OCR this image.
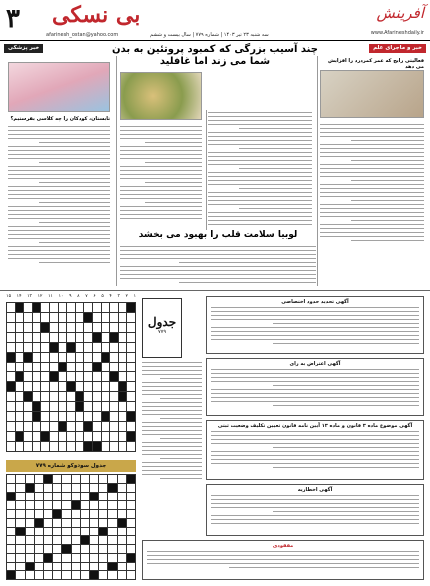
۳ بی نسکی	آفرینش
afarinesh_ostan@yahoo.com	www.Afarineshdaily.ir
سه شنبه ۲۳ تیر ۱۴۰۳ | شماره ۷۷۹ | سال بیست و ششم
خبر پزشکی	خبر و ماجرای علم
چند آسیب بزرگی که کمبود پروتئین به بدن شما می زند اما غافلید	فعالیتی رایج که عمر کمردرد را افزایش می دهد
تابستان، کودکان را چه کلاسی بفرستیم؟
لوبیا سلامت قلب را بهبود می بخشد
۱
۲
۳
۴
۵
۶
۷
۸
۹
۱۰
۱۱
۱۲
۱۳
۱۴
۱۵

جدول
۷۷۹
جدول سودوکو شماره ۷۷۹

آگهی تحدید حدود اختصاصی
آگهی اعتراض به رای
آگهی موضوع ماده ۳ قانون و ماده ۱۳ آیین نامه قانون تعیین تکلیف وضعیت ثبتی
آگهی اخطاریه
مفقودی
